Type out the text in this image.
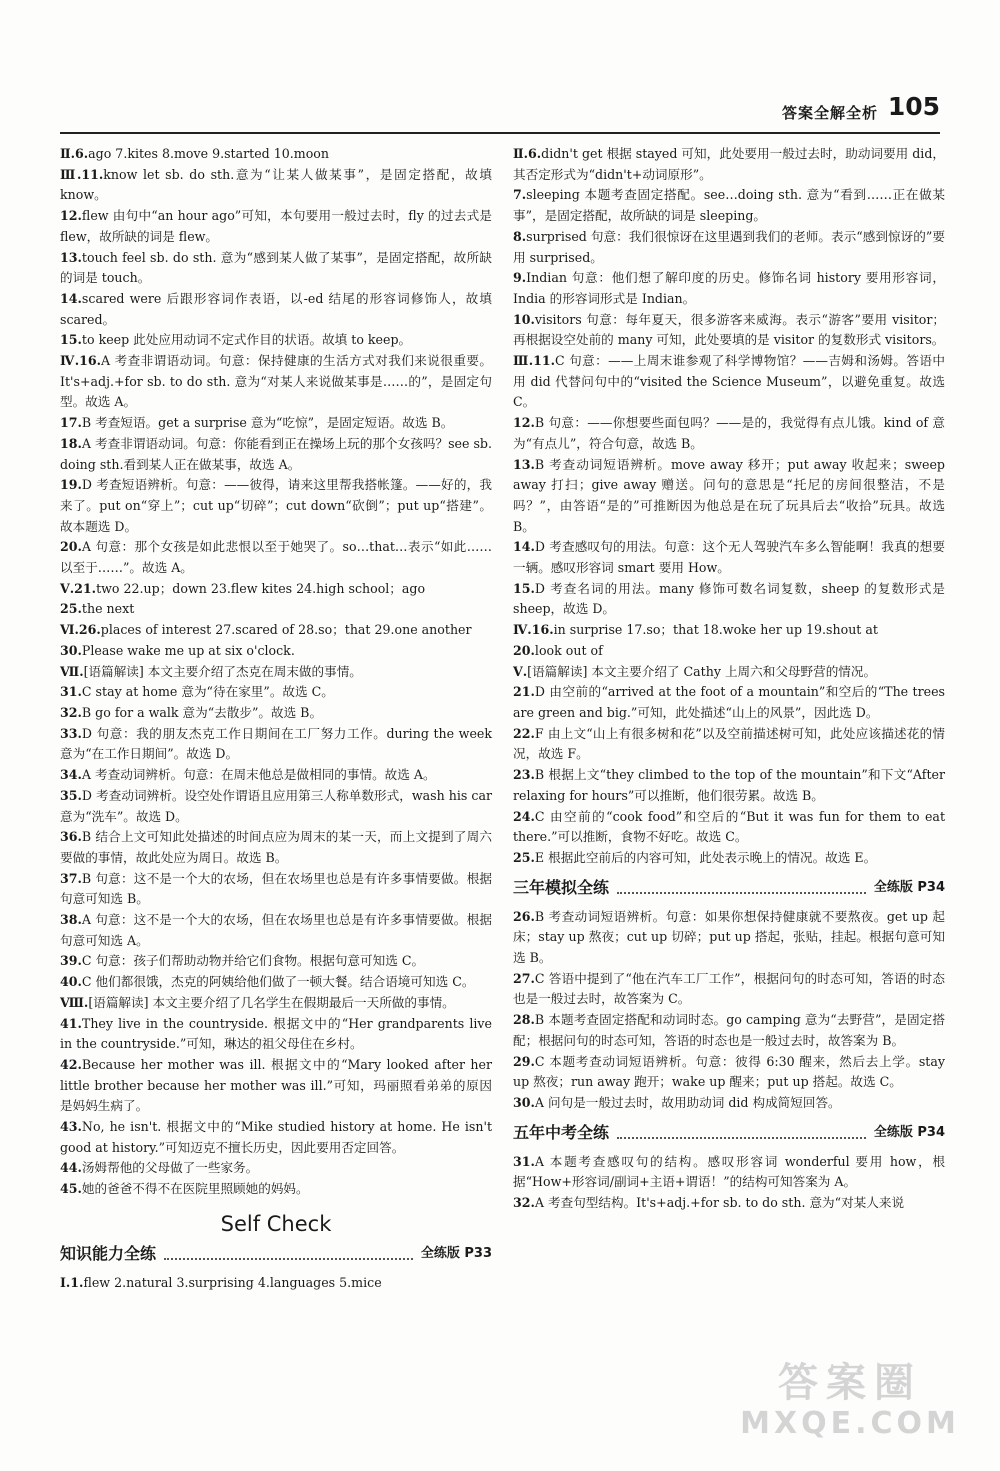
答案全解全析 105

Ⅱ.6.ago 7.kites 8.move 9.started 10.moon

Ⅲ.11.know let sb. do sth.意为“让某人做某事”，是固定搭配，故填 know。

12.flew 由句中“an hour ago”可知，本句要用一般过去时，fly 的过去式是 flew，故所缺的词是 flew。

13.touch feel sb. do sth. 意为“感到某人做了某事”，是固定搭配，故所缺的词是 touch。

14.scared were 后跟形容词作表语，以-ed 结尾的形容词修饰人，故填 scared。

15.to keep 此处应用动词不定式作目的状语。故填 to keep。

Ⅳ.16.A 考查非谓语动词。句意：保持健康的生活方式对我们来说很重要。It's+adj.+for sb. to do sth. 意为“对某人来说做某事是……的”，是固定句型。故选 A。

17.B 考查短语。get a surprise 意为“吃惊”，是固定短语。故选 B。

18.A 考查非谓语动词。句意：你能看到正在操场上玩的那个女孩吗？see sb. doing sth.看到某人正在做某事，故选 A。

19.D 考查短语辨析。句意：——彼得，请来这里帮我搭帐篷。——好的，我来了。put on“穿上”；cut up“切碎”；cut down“砍倒”；put up“搭建”。故本题选 D。

20.A 句意：那个女孩是如此悲恨以至于她哭了。so…that…表示“如此……以至于……”。故选 A。

Ⅴ.21.two 22.up；down 23.flew kites 24.high school；ago

25.the next

Ⅵ.26.places of interest 27.scared of 28.so；that 29.one another

30.Please wake me up at six o'clock.

Ⅶ.[语篇解读] 本文主要介绍了杰克在周末做的事情。

31.C stay at home 意为“待在家里”。故选 C。

32.B go for a walk 意为“去散步”。故选 B。

33.D 句意：我的朋友杰克工作日期间在工厂努力工作。during the week 意为“在工作日期间”。故选 D。

34.A 考查动词辨析。句意：在周末他总是做相同的事情。故选 A。

35.D 考查动词辨析。设空处作谓语且应用第三人称单数形式，wash his car 意为“洗车”。故选 D。

36.B 结合上文可知此处描述的时间点应为周末的某一天，而上文提到了周六要做的事情，故此处应为周日。故选 B。

37.B 句意：这不是一个大的农场，但在农场里也总是有许多事情要做。根据句意可知选 B。

38.A 句意：这不是一个大的农场，但在农场里也总是有许多事情要做。根据句意可知选 A。

39.C 句意：孩子们帮助动物并给它们食物。根据句意可知选 C。

40.C 他们都很饿，杰克的阿姨给他们做了一顿大餐。结合语境可知选 C。

Ⅷ.[语篇解读] 本文主要介绍了几名学生在假期最后一天所做的事情。

41.They live in the countryside. 根据文中的“Her grandparents live in the countryside.”可知，琳达的祖父母住在乡村。

42.Because her mother was ill. 根据文中的“Mary looked after her little brother because her mother was ill.”可知，玛丽照看弟弟的原因是妈妈生病了。

43.No, he isn't. 根据文中的“Mike studied history at home. He isn't good at history.”可知迈克不擅长历史，因此要用否定回答。

44.汤姆帮他的父母做了一些家务。

45.她的爸爸不得不在医院里照顾她的妈妈。

Self Check
知识能力全练	全练版 P33

Ⅰ.1.flew 2.natural 3.surprising 4.languages 5.mice

Ⅱ.6.didn't get 根据 stayed 可知，此处要用一般过去时，助动词要用 did，其否定形式为“didn't+动词原形”。

7.sleeping 本题考查固定搭配。see…doing sth. 意为“看到……正在做某事”，是固定搭配，故所缺的词是 sleeping。

8.surprised 句意：我们很惊讶在这里遇到我们的老师。表示“感到惊讶的”要用 surprised。

9.Indian 句意：他们想了解印度的历史。修饰名词 history 要用形容词，India 的形容词形式是 Indian。

10.visitors 句意：每年夏天，很多游客来威海。表示“游客”要用 visitor；再根据设空处前的 many 可知，此处要填的是 visitor 的复数形式 visitors。

Ⅲ.11.C 句意：——上周末谁参观了科学博物馆？——吉姆和汤姆。答语中用 did 代替问句中的“visited the Science Museum”，以避免重复。故选 C。

12.B 句意：——你想要些面包吗？——是的，我觉得有点儿饿。kind of 意为“有点儿”，符合句意，故选 B。

13.B 考查动词短语辨析。move away 移开；put away 收起来；sweep away 打扫；give away 赠送。问句的意思是“托尼的房间很整洁，不是吗？”，由答语“是的”可推断因为他总是在玩了玩具后去“收拾”玩具。故选 B。

14.D 考查感叹句的用法。句意：这个无人驾驶汽车多么智能啊！我真的想要一辆。感叹形容词 smart 要用 How。

15.D 考查名词的用法。many 修饰可数名词复数，sheep 的复数形式是 sheep，故选 D。

Ⅳ.16.in surprise 17.so；that 18.woke her up 19.shout at

20.look out of

Ⅴ.[语篇解读] 本文主要介绍了 Cathy 上周六和父母野营的情况。

21.D 由空前的“arrived at the foot of a mountain”和空后的“The trees are green and big.”可知，此处描述“山上的风景”，因此选 D。

22.F 由上文“山上有很多树和花”以及空前描述树可知，此处应该描述花的情况，故选 F。

23.B 根据上文“they climbed to the top of the mountain”和下文“After relaxing for hours”可以推断，他们很劳累。故选 B。

24.C 由空前的“cook food”和空后的“But it was fun for them to eat there.”可以推断，食物不好吃。故选 C。

25.E 根据此空前后的内容可知，此处表示晚上的情况。故选 E。

三年模拟全练	全练版 P34

26.B 考查动词短语辨析。句意：如果你想保持健康就不要熬夜。get up 起床；stay up 熬夜；cut up 切碎；put up 搭起，张贴，挂起。根据句意可知选 B。

27.C 答语中提到了“他在汽车工厂工作”，根据问句的时态可知，答语的时态也是一般过去时，故答案为 C。

28.B 本题考查固定搭配和动词时态。go camping 意为“去野营”，是固定搭配；根据问句的时态可知，答语的时态也是一般过去时，故答案为 B。

29.C 本题考查动词短语辨析。句意：彼得 6:30 醒来，然后去上学。stay up 熬夜；run away 跑开；wake up 醒来；put up 搭起。故选 C。

30.A 问句是一般过去时，故用助动词 did 构成简短回答。

五年中考全练	全练版 P34

31.A 本题考查感叹句的结构。感叹形容词 wonderful 要用 how，根据“How+形容词/副词+主语+谓语！”的结构可知答案为 A。

32.A 考查句型结构。It's+adj.+for sb. to do sth. 意为“对某人来说

答案圈
MXQE.COM
